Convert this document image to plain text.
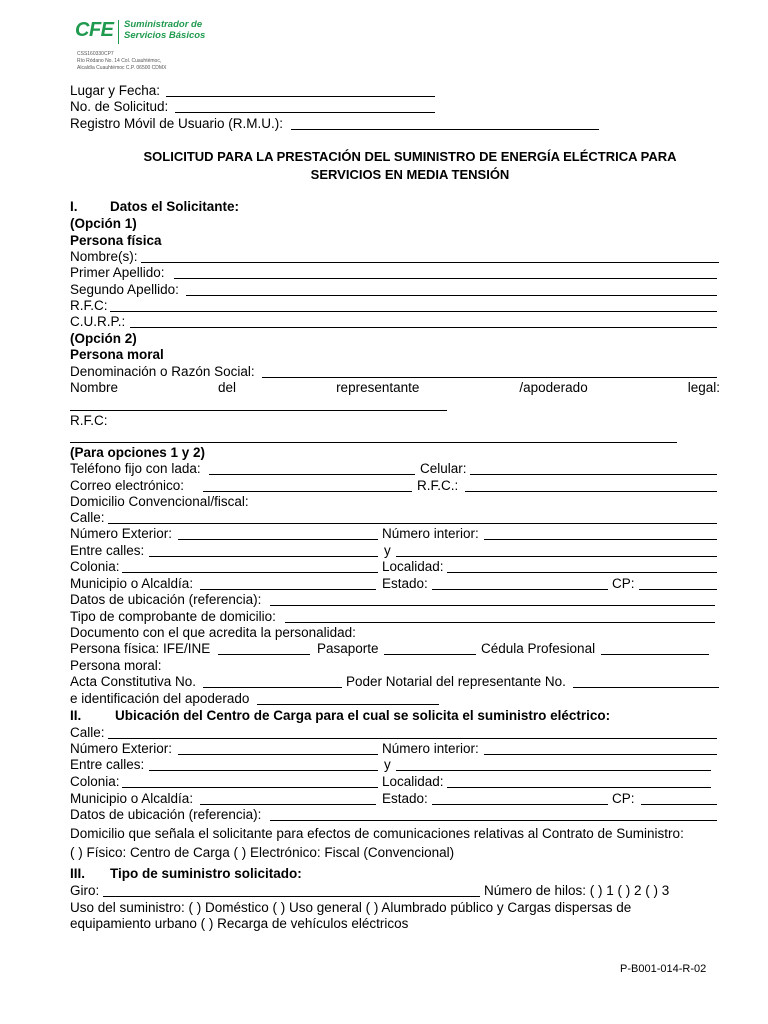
CFE Suministrador de
Servicios Básicos
CSS160330CP7
Río Ródano No. 14 Col. Cuauhtémoc,
Alcaldía Cuauhtémoc C.P. 06500 CDMX
Lugar y Fecha:
No. de Solicitud:
Registro Móvil de Usuario (R.M.U.):
SOLICITUD PARA LA PRESTACIÓN DEL SUMINISTRO DE ENERGÍA ELÉCTRICA PARA
SERVICIOS EN MEDIA TENSIÓN
I. Datos el Solicitante:
(Opción 1)
Persona física
Nombre(s):
Primer Apellido:
Segundo Apellido:
R.F.C:
C.U.R.P.:
(Opción 2)
Persona moral
Denominación o Razón Social:
Nombre	del	representante	/apoderado	legal:
R.F.C:
(Para opciones 1 y 2)
Teléfono fijo con lada:	Celular:
Correo electrónico:	R.F.C.:
Domicilio Convencional/fiscal:
Calle:
Número Exterior:	Número interior:
Entre calles:	y
Colonia:	Localidad:
Municipio o Alcaldía:	Estado:	CP:
Datos de ubicación (referencia):
Tipo de comprobante de domicilio:
Documento con el que acredita la personalidad:
Persona física: IFE/INE	Pasaporte	Cédula Profesional
Persona moral:
Acta Constitutiva No.	Poder Notarial del representante No.
e identificación del apoderado
II. Ubicación del Centro de Carga para el cual se solicita el suministro eléctrico:
Calle:
Número Exterior:	Número interior:
Entre calles:	y
Colonia:	Localidad:
Municipio o Alcaldía:	Estado:	CP:
Datos de ubicación (referencia):
Domicilio que señala el solicitante para efectos de comunicaciones relativas al Contrato de Suministro:
( ) Físico: Centro de Carga ( ) Electrónico: Fiscal (Convencional)
III. Tipo de suministro solicitado:
Giro:	Número de hilos: ( ) 1 ( ) 2 ( ) 3
Uso del suministro: ( ) Doméstico ( ) Uso general ( ) Alumbrado público y Cargas dispersas de
equipamiento urbano ( ) Recarga de vehículos eléctricos
P-B001-014-R-02
